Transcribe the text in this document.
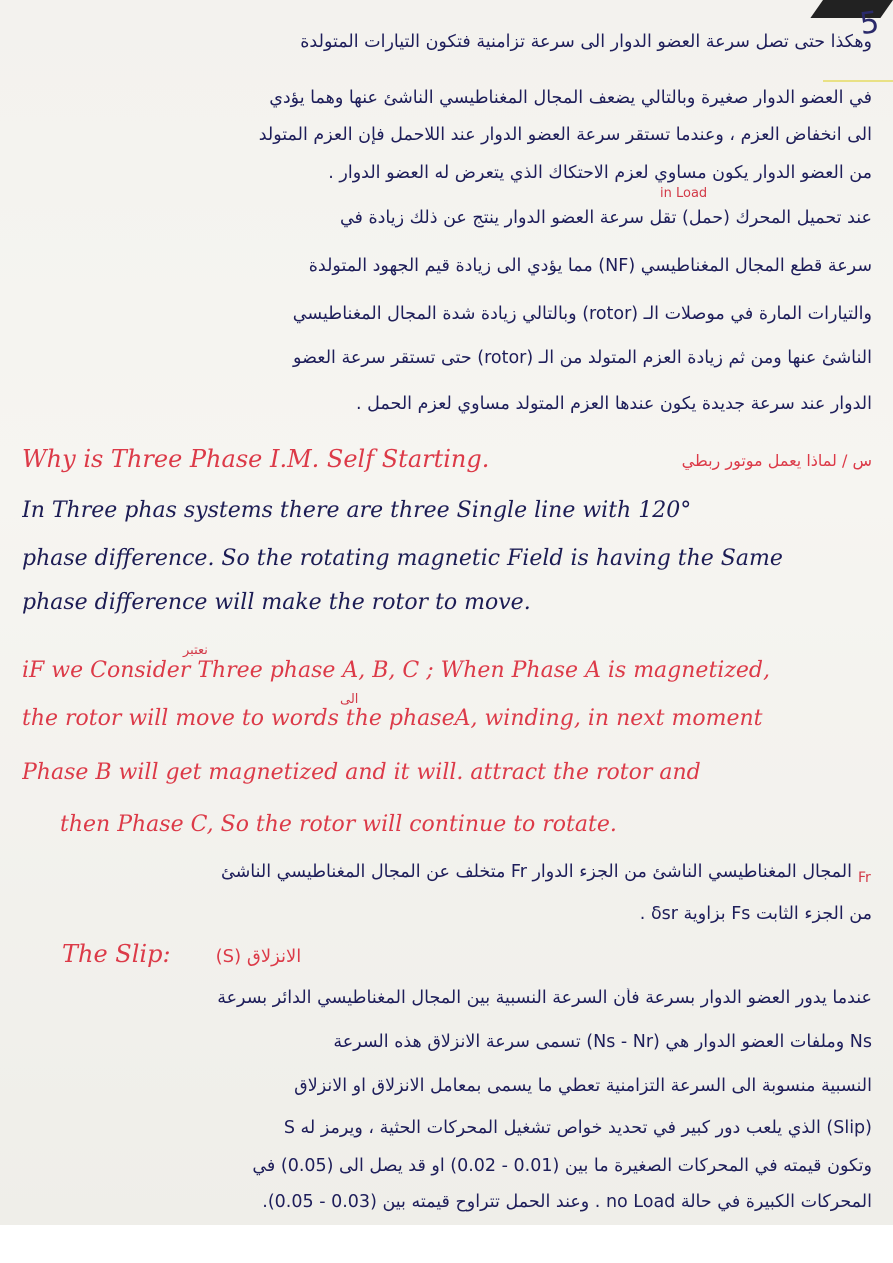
5

وهكذا حتى تصل سرعة العضو الدوار الى سرعة تزامنية فتكون التيارات المتولدة

في العضو الدوار صغيرة وبالتالي يضعف المجال المغناطيسي الناشئ عنها وهما يؤدي

الى انخفاض العزم ، وعندما تستقر سرعة العضو الدوار عند اللاحمل فإن العزم المتولد

من العضو الدوار يكون مساوي لعزم الاحتكاك الذي يتعرض له العضو الدوار .

in Load

عند تحميل المحرك (حمل) تقل سرعة العضو الدوار ينتج عن ذلك زيادة في

سرعة قطع المجال المغناطيسي (NF) مما يؤدي الى زيادة قيم الجهود المتولدة

والتيارات المارة في موصلات الـ (rotor) وبالتالي زيادة شدة المجال المغناطيسي

الناشئ عنها ومن ثم زيادة العزم المتولد من الـ (rotor) حتى تستقر سرعة العضو

الدوار عند سرعة جديدة يكون عندها العزم المتولد مساوي لعزم الحمل .

Why is Three Phase I.M. Self Starting.	س / لماذا يعمل موتور ربطي

In Three phas systems there are three Single line with 120°

phase difference. So the rotating magnetic Field is having the Same

phase difference will make the rotor to move.

نعتبر

iF we Consider Three phase A, B, C ; When Phase A is magnetized,

الى

the rotor will move to words the phaseA, winding, in next moment

Phase B will get magnetized and it will. attract the rotor and

then Phase C, So the rotor will continue to rotate.

Fr

المجال المغناطيسي الناشئ من الجزء الدوار Fr متخلف عن المجال المغناطيسي الناشئ

من الجزء الثابت Fs بزاوية δsr .

The Slip:	الانزلاق (S)

عندما يدور العضو الدوار بسرعة فأن السرعة النسبية بين المجال المغناطيسي الدائر بسرعة

Ns وملفات العضو الدوار هي (Ns - Nr) تسمى سرعة الانزلاق هذه السرعة

النسبية منسوبة الى السرعة التزامنية تعطي ما يسمى بمعامل الانزلاق او الانزلاق

(Slip) الذي يلعب دور كبير في تحديد خواص تشغيل المحركات الحثية ، ويرمز له S

وتكون قيمته في المحركات الصغيرة ما بين (0.01 - 0.02) او قد يصل الى (0.05) في

المحركات الكبيرة في حالة no Load . وعند الحمل تتراوح قيمته بين (0.03 - 0.05).
